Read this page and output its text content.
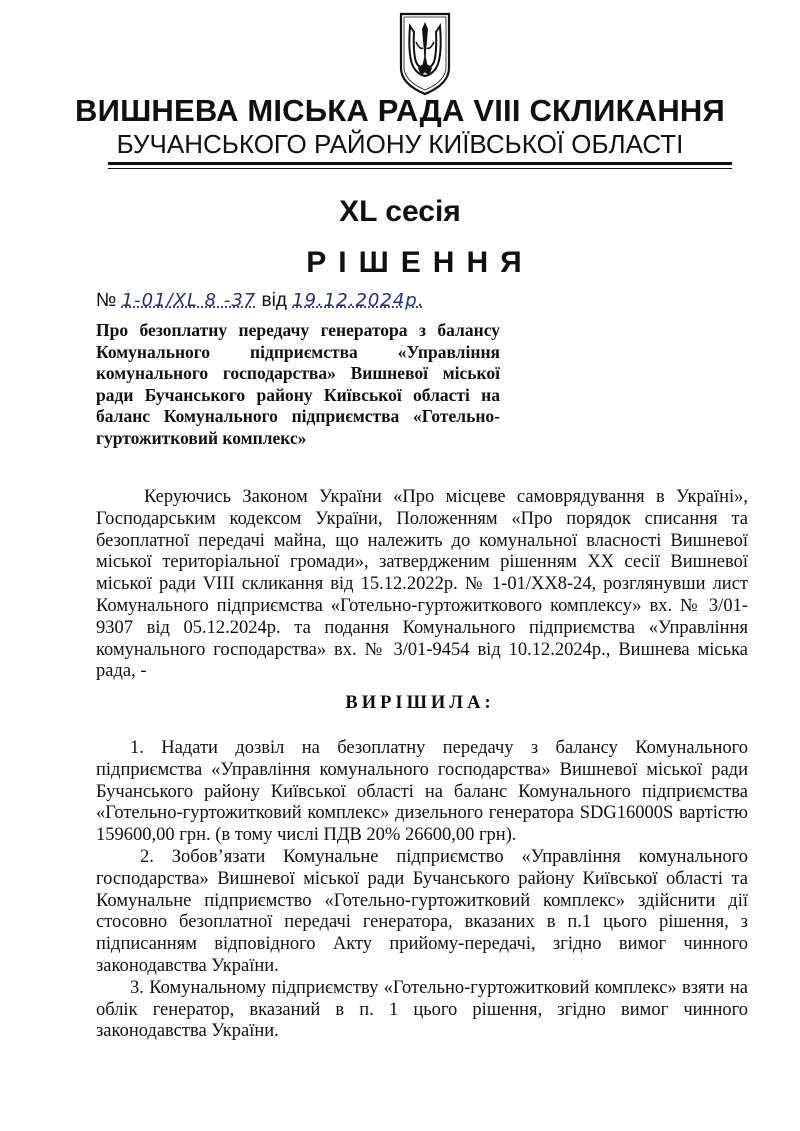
ВИШНЕВА МІСЬКА РАДА VIII СКЛИКАННЯ
БУЧАНСЬКОГО РАЙОНУ КИЇВСЬКОЇ ОБЛАСТІ
XL сесія
РІШЕННЯ
№ 1-01/XL 8 -37 від 19.12.2024р.
Про безоплатну передачу генератора з балансу Комунального підприємства «Управління комунального господарства» Вишневої міської ради Бучанського району Київської області на баланс Комунального підприємства «Готельно-гуртожитковий комплекс»

Керуючись Законом України «Про місцеве самоврядування в Україні», Господарським кодексом України, Положенням «Про порядок списання та безоплатної передачі майна, що належить до комунальної власності Вишневої міської територіальної громади», затвердженим рішенням XX сесії Вишневої міської ради VIII скликання від 15.12.2022р. № 1-01/XX8-24, розглянувши лист Комунального підприємства «Готельно-гуртожиткового комплексу» вх. № 3/01-9307 від 05.12.2024р. та подання Комунального підприємства «Управління комунального господарства» вх. № 3/01-9454 від 10.12.2024р., Вишнева міська рада, -

ВИРІШИЛА:

1. Надати дозвіл на безоплатну передачу з балансу Комунального підприємства «Управління комунального господарства» Вишневої міської ради Бучанського району Київської області на баланс Комунального підприємства «Готельно-гуртожитковий комплекс» дизельного генератора SDG16000S вартістю 159600,00 грн. (в тому числі ПДВ 20% 26600,00 грн).

2. Зобов’язати Комунальне підприємство «Управління комунального господарства» Вишневої міської ради Бучанського району Київської області та Комунальне підприємство «Готельно-гуртожитковий комплекс» здійснити дії стосовно безоплатної передачі генератора, вказаних в п.1 цього рішення, з підписанням відповідного Акту прийому-передачі, згідно вимог чинного законодавства України.

3. Комунальному підприємству «Готельно-гуртожитковий комплекс» взяти на облік генератор, вказаний в п. 1 цього рішення, згідно вимог чинного законодавства України.
